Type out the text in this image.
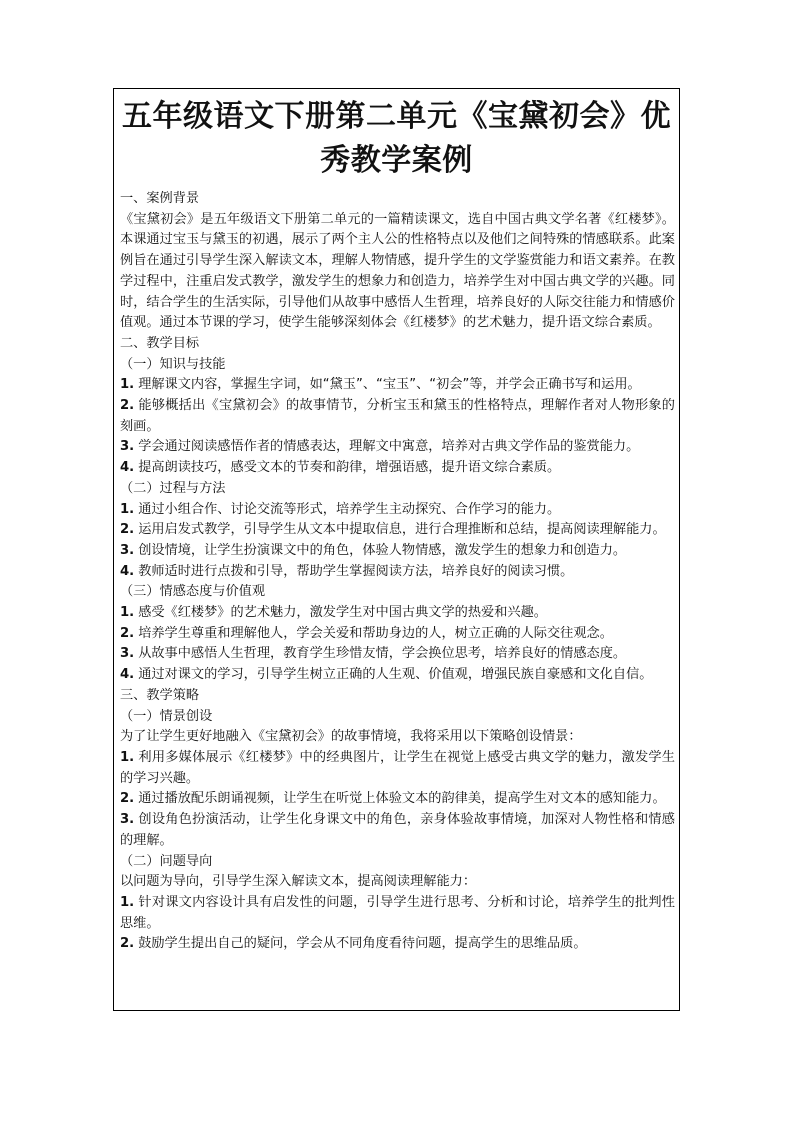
五年级语文下册第二单元《宝黛初会》优秀教学案例
一、案例背景
《宝黛初会》是五年级语文下册第二单元的一篇精读课文，选自中国古典文学名著《红楼梦》。本课通过宝玉与黛玉的初遇，展示了两个主人公的性格特点以及他们之间特殊的情感联系。此案例旨在通过引导学生深入解读文本，理解人物情感，提升学生的文学鉴赏能力和语文素养。在教学过程中，注重启发式教学，激发学生的想象力和创造力，培养学生对中国古典文学的兴趣。同时，结合学生的生活实际，引导他们从故事中感悟人生哲理，培养良好的人际交往能力和情感价值观。通过本节课的学习，使学生能够深刻体会《红楼梦》的艺术魅力，提升语文综合素质。
二、教学目标
（一）知识与技能
1. 理解课文内容，掌握生字词，如“黛玉”、“宝玉”、“初会”等，并学会正确书写和运用。
2. 能够概括出《宝黛初会》的故事情节，分析宝玉和黛玉的性格特点，理解作者对人物形象的刻画。
3. 学会通过阅读感悟作者的情感表达，理解文中寓意，培养对古典文学作品的鉴赏能力。
4. 提高朗读技巧，感受文本的节奏和韵律，增强语感，提升语文综合素质。
（二）过程与方法
1. 通过小组合作、讨论交流等形式，培养学生主动探究、合作学习的能力。
2. 运用启发式教学，引导学生从文本中提取信息，进行合理推断和总结，提高阅读理解能力。
3. 创设情境，让学生扮演课文中的角色，体验人物情感，激发学生的想象力和创造力。
4. 教师适时进行点拨和引导，帮助学生掌握阅读方法，培养良好的阅读习惯。
（三）情感态度与价值观
1. 感受《红楼梦》的艺术魅力，激发学生对中国古典文学的热爱和兴趣。
2. 培养学生尊重和理解他人，学会关爱和帮助身边的人，树立正确的人际交往观念。
3. 从故事中感悟人生哲理，教育学生珍惜友情，学会换位思考，培养良好的情感态度。
4. 通过对课文的学习，引导学生树立正确的人生观、价值观，增强民族自豪感和文化自信。
三、教学策略
（一）情景创设
为了让学生更好地融入《宝黛初会》的故事情境，我将采用以下策略创设情景：
1. 利用多媒体展示《红楼梦》中的经典图片，让学生在视觉上感受古典文学的魅力，激发学生的学习兴趣。
2. 通过播放配乐朗诵视频，让学生在听觉上体验文本的韵律美，提高学生对文本的感知能力。
3. 创设角色扮演活动，让学生化身课文中的角色，亲身体验故事情境，加深对人物性格和情感的理解。
（二）问题导向
以问题为导向，引导学生深入解读文本，提高阅读理解能力：
1. 针对课文内容设计具有启发性的问题，引导学生进行思考、分析和讨论，培养学生的批判性思维。
2. 鼓励学生提出自己的疑问，学会从不同角度看待问题，提高学生的思维品质。
